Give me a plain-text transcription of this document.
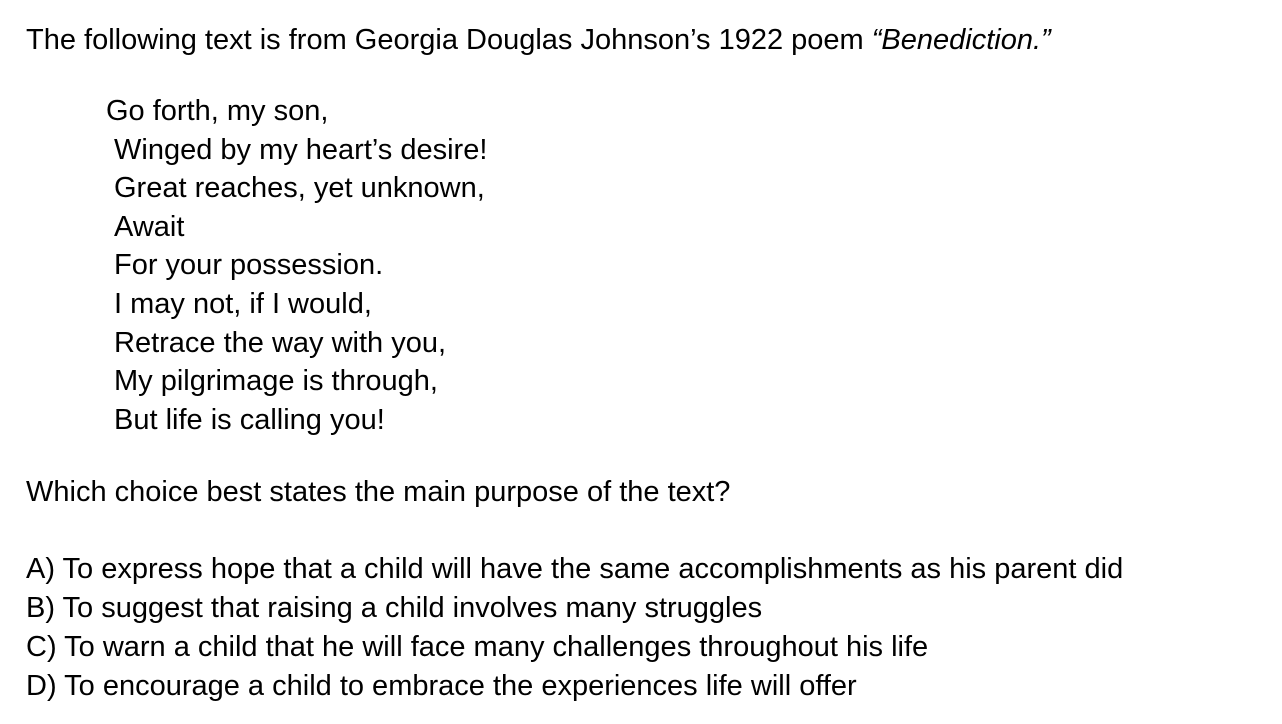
The following text is from Georgia Douglas Johnson’s 1922 poem “Benediction.”
Go forth, my son,
Winged by my heart’s desire!
Great reaches, yet unknown,
Await
For your possession.
I may not, if I would,
Retrace the way with you,
My pilgrimage is through,
But life is calling you!
Which choice best states the main purpose of the text?
A) To express hope that a child will have the same accomplishments as his parent did
B) To suggest that raising a child involves many struggles
C) To warn a child that he will face many challenges throughout his life
D) To encourage a child to embrace the experiences life will offer
